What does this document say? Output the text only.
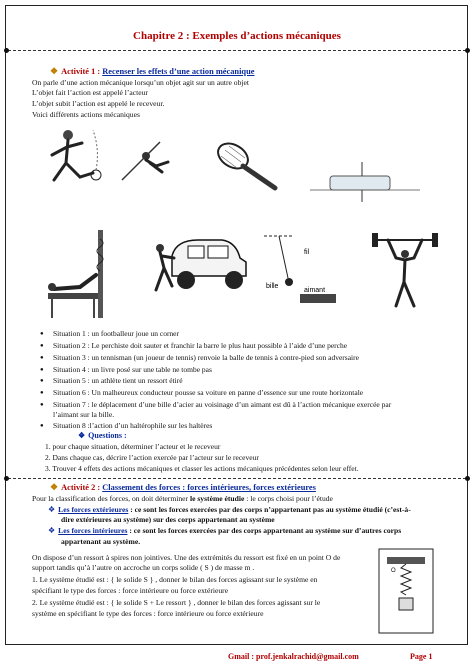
Chapitre 2 : Exemples d’actions mécaniques
❖ Activité 1 : Recenser les effets d’une action mécanique
On parle d’une action mécanique lorsqu’un objet agit sur un autre objet
L’objet fait l’action est appelé l’acteur
L’objet subit l’action est appelé le receveur.
Voici différents actions mécaniques
fil
bille
aimant
● Situation 1 : un footballeur joue un corner
● Situation 2 : Le perchiste doit sauter et franchir la barre le plus haut possible à l’aide d’une perche
● Situation 3 : un tennisman (un joueur de tennis) renvoie la balle de tennis à contre-pied son adversaire
● Situation 4 : un livre posé sur une table ne tombe pas
● Situation 5 : un athlète tient un ressort étiré
● Situation 6 : Un malheureux conducteur pousse sa voiture en panne d’essence sur une route horizontale
● Situation 7 : le déplacement d’une bille d’acier au voisinage d’un aimant est dû à l’action mécanique exercée par
l’aimant sur la bille.
● Situation 8 :l’action d’un haltérophile sur les haltères
❖ Questions :
1. pour chaque situation, déterminer l’acteur et le receveur
2. Dans chaque cas, décrire l’action exercée par l’acteur sur le receveur
3. Trouver 4 effets des actions mécaniques et classer les actions mécaniques précédentes selon leur effet.
❖ Activité 2 : Classement des forces : forces intérieures, forces extérieures
Pour la classification des forces, on doit déterminer le système étudie : le corps choisi pour l’étude
❖ Les forces extérieures : ce sont les forces exercées par des corps n’appartenant pas au système étudié (c’est-à-
dire extérieures au système) sur des corps appartenant au système
❖ Les forces intérieures : ce sont les forces exercées par des corps appartenant au système sur d’autres corps
appartenant au système.
On dispose d’un ressort à spires non jointives. Une des extrémités du ressort est fixé en un point O de
support tandis qu’à l’autre on accroche un corps solide ( S ) de masse m .
1. Le système étudié est : { le solide S } , donner le bilan des forces agissant sur le système en
spécifiant le type des forces : force intérieure ou force extérieure
2. Le système étudié est : { le solide S + Le ressort } , donner le bilan des forces agissant sur le
système en spécifiant le type des forces : force intérieure ou force extérieure
O
Gmail : prof.jenkalrachid@gmail.com	Page 1
